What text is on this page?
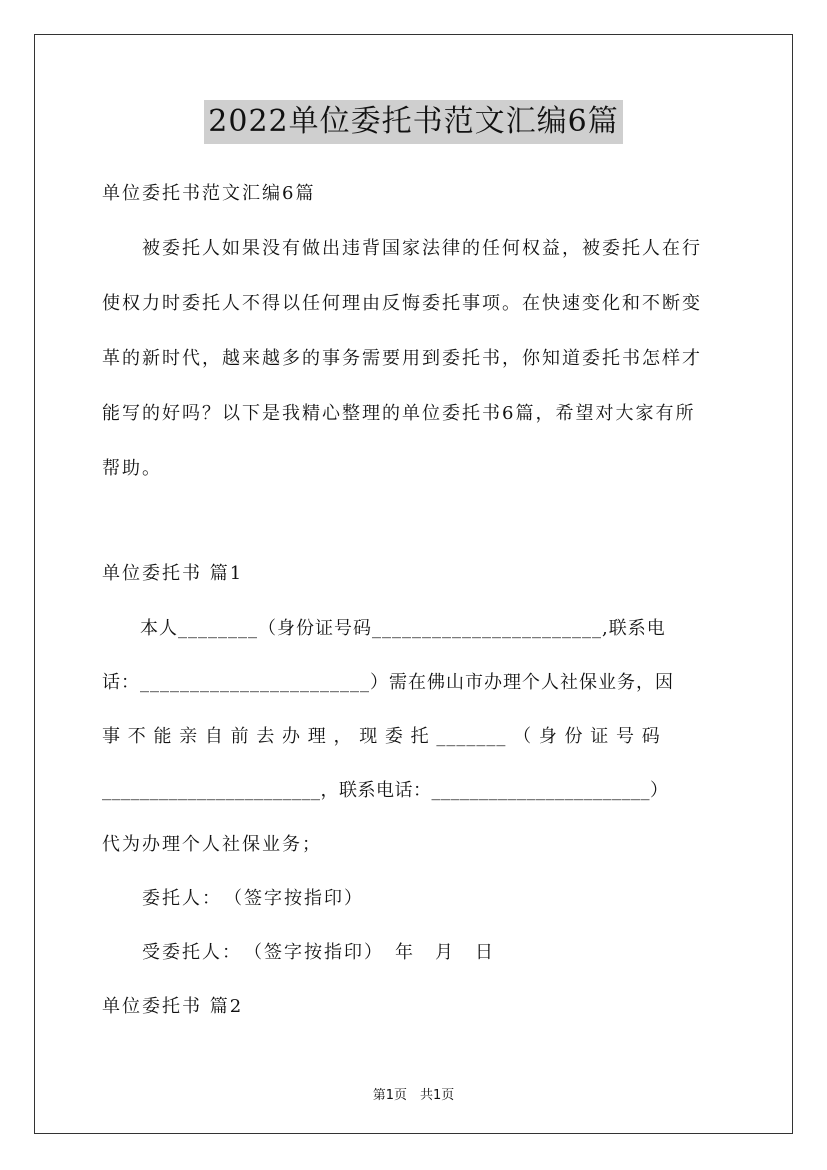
2022单位委托书范文汇编6篇
单位委托书范文汇编6篇
　　被委托人如果没有做出违背国家法律的任何权益，被委托人在行
使权力时委托人不得以任何理由反悔委托事项。在快速变化和不断变
革的新时代，越来越多的事务需要用到委托书，你知道委托书怎样才
能写的好吗？以下是我精心整理的单位委托书6篇，希望对大家有所
帮助。
单位委托书 篇1
　　本人________（身份证号码_______________________,联系电
话：_______________________）需在佛山市办理个人社保业务，因
事 不 能 亲 自 前 去 办 理 ， 现 委 托 _______ （ 身 份 证 号 码
_______________________，联系电话：_______________________）
代为办理个人社保业务；
　　委托人：　（签字按指印）
　　受委托人：　（签字按指印）　年　月　日
单位委托书 篇2
第1页　共1页
